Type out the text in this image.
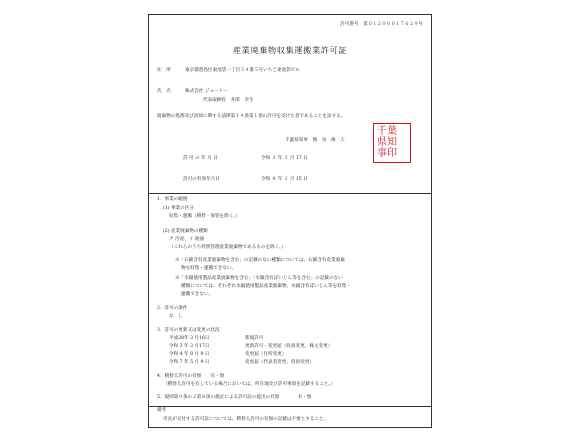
許可番号　第０１２０００１７６２９号
産業廃棄物収集運搬業許可証
住　所	東京都豊島区東池袋一丁目３４番５号いちご東池袋ビル
氏　名	株式会社 ジョートー
代表取締役　井澤　幸生
廃棄物の処理及び清掃に関する法律第１４条第１項の許可を受けた者であることを証する。
千葉県知事　熊　谷　俊　人
千葉
県知
事印
許 可 の 年 月 日	令和 ３ 年 ３ 月 17 日
許可の有効年月日	令和 ８ 年 ３ 月 15 日
1．事業の範囲
(1) 事業の区分
収集・運搬（積替・保管を除く。）
(2) 産業廃棄物の種類
ア 汚泥、イ 廃油
（これらのうち特別管理産業廃棄物であるものを除く。）
※「石綿含有産業廃棄物を含む」の記載のない種類については、石綿含有産業廃棄
物を収集・運搬できない。
※「水銀使用製品産業廃棄物を含む」「水銀含有ばいじん等を含む」の記載のない
種類については、それぞれ水銀使用製品産業廃棄物、水銀含有ばいじん等を収集・
運搬できない。
2．許可の条件
な　し
3．許可の更新又は変更の状況
平成28年 3 月16日	新規許可
令和 3 年 3 月17日	更新許可・変更届（役員変更、株主変更）
令和 4 年 8 月 9 日	変更届（住所変更）
令和 7 年 5 月 9 日	変更届（代表者変更、役員変更）
4．積替え許可の有無　　有・無
（積替え許可を有している場合においては、所在地及び許可事項を記載すること。）
5．規則第９条の２第８項の規定による許可証の提出の有無　　　　有・無
備考
市長が交付する許可証については、積替え許可の有無の記載は不要とすること。
